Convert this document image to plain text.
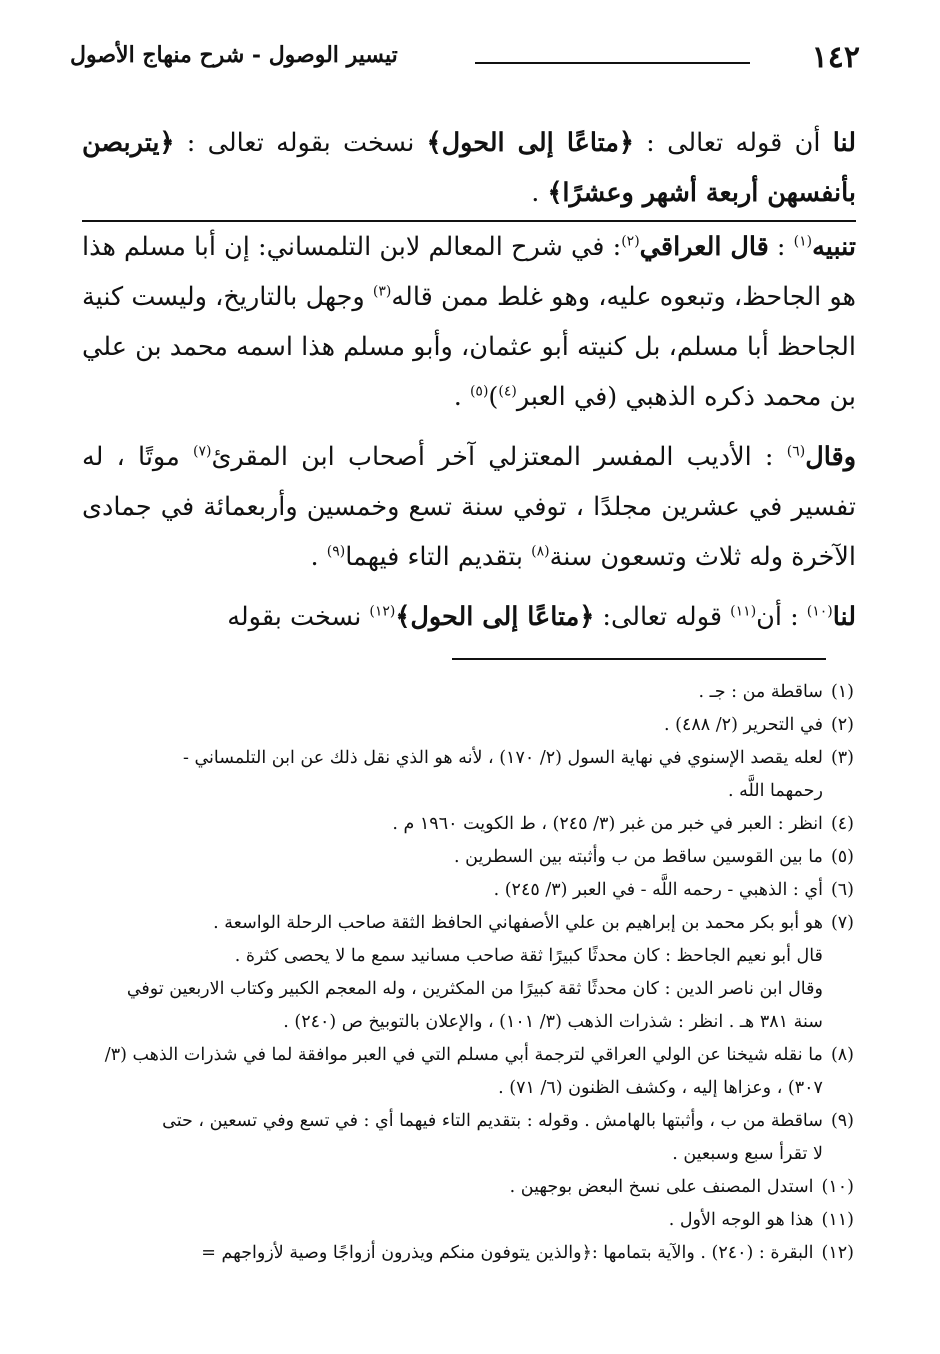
١٤٢
تيسير الوصول - شرح منهاج الأصول

لنا أن قوله تعالى : ﴿متاعًا إلى الحول﴾ نسخت بقوله تعالى : ﴿يتربصن بأنفسهن أربعة أشهر وعشرًا﴾ .

تنبيه$^{(١)}$ : قال العراقي$^{(٢)}$: في شرح المعالم لابن التلمساني: إن أبا مسلم هذا هو الجاحظ، وتبعوه عليه، وهو غلط ممن قاله$^{(٣)}$ وجهل بالتاريخ، وليست كنية الجاحظ أبا مسلم، بل كنيته أبو عثمان، وأبو مسلم هذا اسمه محمد بن علي بن محمد ذكره الذهبي (في العبر$^{(٤)}$)$^{(٥)}$ .

وقال$^{(٦)}$ : الأديب المفسر المعتزلي آخر أصحاب ابن المقرئ$^{(٧)}$ موتًا ، له تفسير في عشرين مجلدًا ، توفي سنة تسع وخمسين وأربعمائة في جمادى الآخرة وله ثلاث وتسعون سنة$^{(٨)}$ بتقديم التاء فيهما$^{(٩)}$ .

لنا$^{(١٠)}$ : أن$^{(١١)}$ قوله تعالى: ﴿متاعًا إلى الحول﴾$^{(١٢)}$ نسخت بقوله

(١)
ساقطة من : جـ .
(٢)
في التحرير (٢/ ٤٨٨) .
(٣)
لعله يقصد الإسنوي في نهاية السول (٢/ ١٧٠) ، لأنه هو الذي نقل ذلك عن ابن التلمساني -
رحمهما اللَّه .
(٤)
انظر : العبر في خبر من غبر (٣/ ٢٤٥) ، ط الكويت ١٩٦٠ م .
(٥)
ما بين القوسين ساقط من ب وأثبته بين السطرين .
(٦)
أي : الذهبي - رحمه اللَّه - في العبر (٣/ ٢٤٥) .
(٧)
هو أبو بكر محمد بن إبراهيم بن علي الأصفهاني الحافظ الثقة صاحب الرحلة الواسعة .
قال أبو نعيم الجاحظ : كان محدثًا كبيرًا ثقة صاحب مسانيد سمع ما لا يحصى كثرة .
وقال ابن ناصر الدين : كان محدثًا ثقة كبيرًا من المكثرين ، وله المعجم الكبير وكتاب الاربعين توفي
سنة ٣٨١ هـ . انظر : شذرات الذهب (٣/ ١٠١) ، والإعلان بالتوبيخ ص (٢٤٠) .
(٨)
ما نقله شيخنا عن الولي العراقي لترجمة أبي مسلم التي في العبر موافقة لما في شذرات الذهب (٣/
٣٠٧) ، وعزاها إليه ، وكشف الظنون (٦/ ٧١) .
(٩)
ساقطة من ب ، وأثبتها بالهامش . وقوله : بتقديم التاء فيهما أي : في تسع وفي تسعين ، حتى
لا تقرأ سبع وسبعين .
(١٠)
استدل المصنف على نسخ البعض بوجهين .
(١١)
هذا هو الوجه الأول .
(١٢)
البقرة : (٢٤٠) . والآية بتمامها :﴿والذين يتوفون منكم ويذرون أزواجًا وصية لأزواجهم =
